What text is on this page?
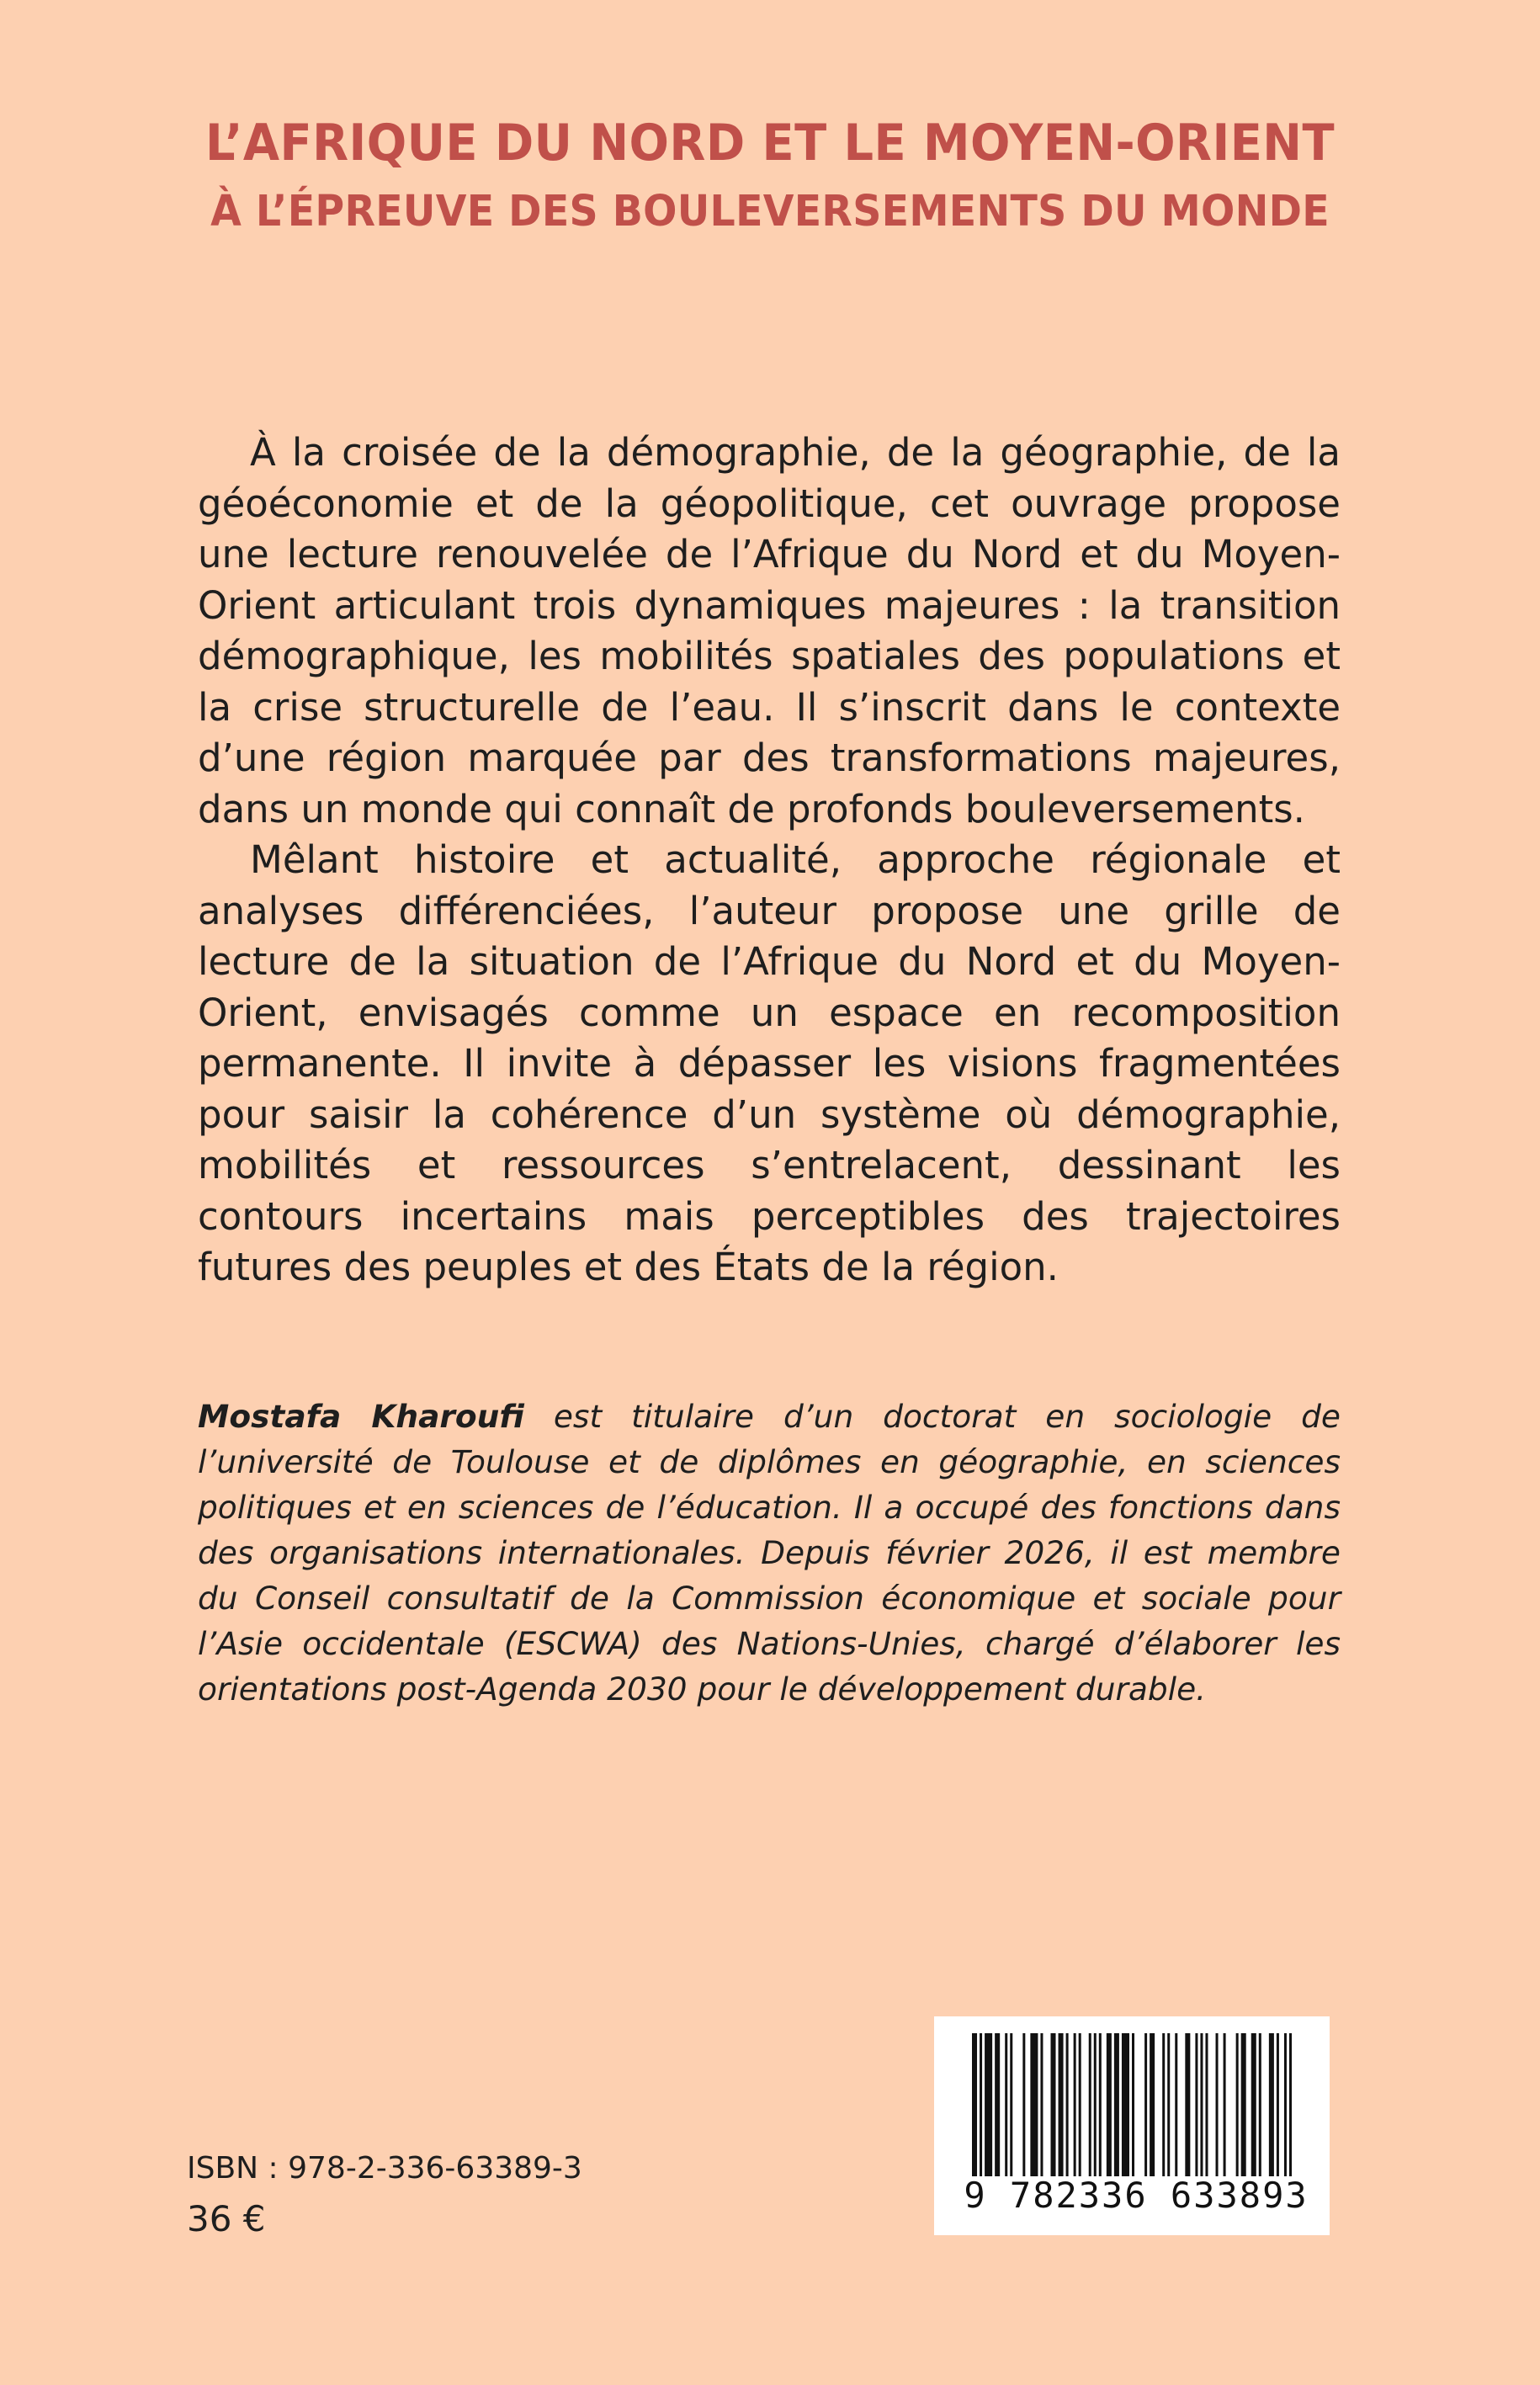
L’AFRIQUE DU NORD ET LE MOYEN-ORIENT
À L’ÉPREUVE DES BOULEVERSEMENTS DU MONDE

À la croisée de la démographie, de la géographie, de la géoéconomie et de la géopolitique, cet ouvrage propose une lecture renouvelée de l’Afrique du Nord et du Moyen-Orient articulant trois dynamiques majeures : la transition démographique, les mobilités spatiales des populations et la crise structurelle de l’eau. Il s’inscrit dans le contexte d’une région marquée par des transformations majeures, dans un monde qui connaît de profonds bouleversements.

Mêlant histoire et actualité, approche régionale et analyses différenciées, l’auteur propose une grille de lecture de la situation de l’Afrique du Nord et du Moyen-Orient, envisagés comme un espace en recomposition permanente. Il invite à dépasser les visions fragmentées pour saisir la cohérence d’un système où démographie, mobilités et ressources s’entrelacent, dessinant les contours incertains mais perceptibles des trajectoires futures des peuples et des États de la région.

Mostafa Kharoufi est titulaire d’un doctorat en sociologie de l’université de Toulouse et de diplômes en géographie, en sciences politiques et en sciences de l’éducation. Il a occupé des fonctions dans des organisations internationales. Depuis février 2026, il est membre du Conseil consultatif de la Commission économique et sociale pour l’Asie occidentale (ESCWA) des Nations-Unies, chargé d’élaborer les orientations post-Agenda 2030 pour le développement durable.

ISBN : 978-2-336-63389-3
36 €
9 782336 633893
